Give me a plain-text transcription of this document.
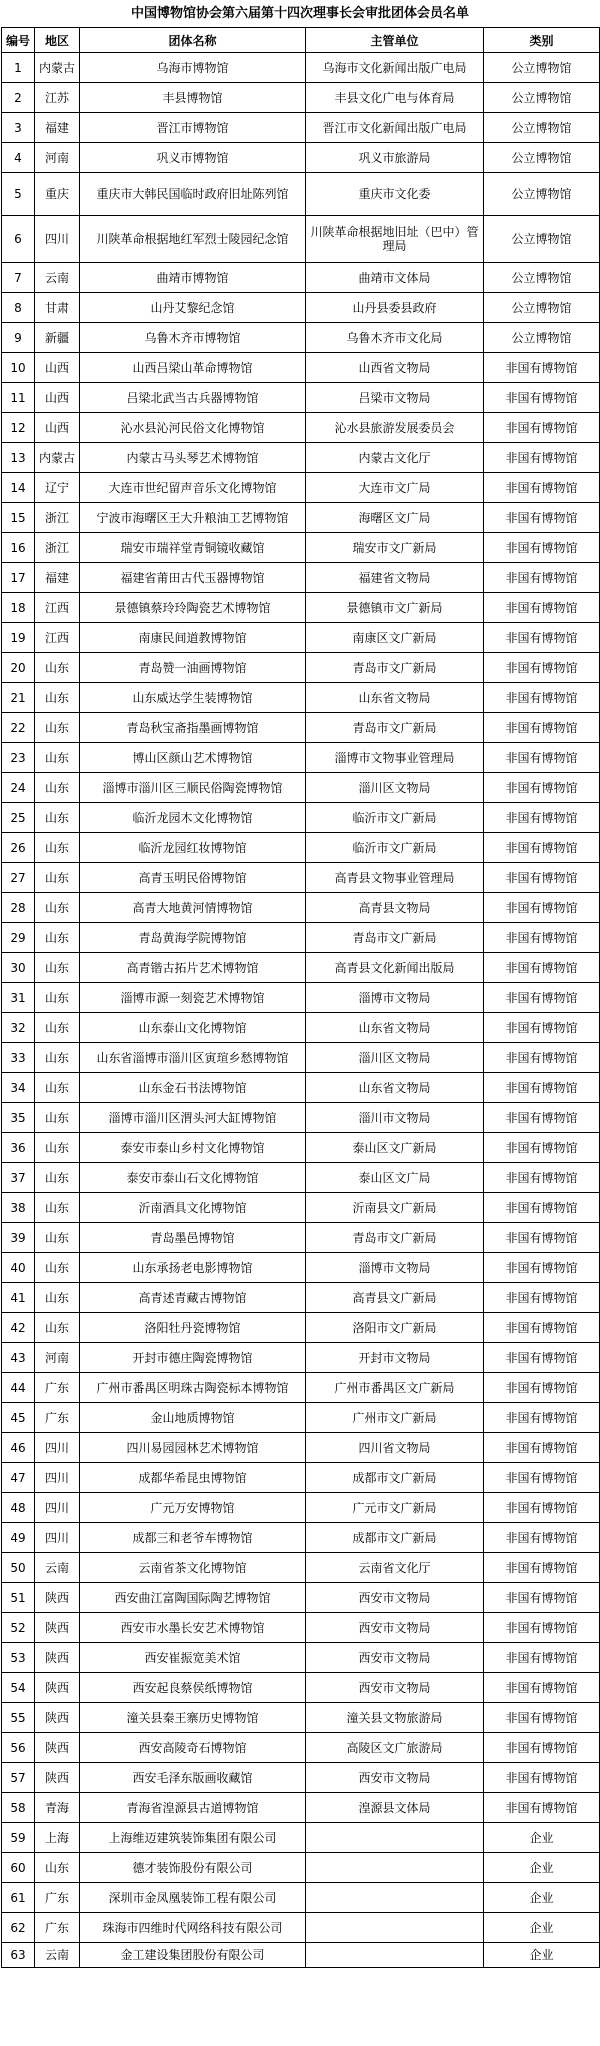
中国博物馆协会第六届第十四次理事长会审批团体会员名单
编号	地区	团体名称	主管单位	类别
1	内蒙古	乌海市博物馆	乌海市文化新闻出版广电局	公立博物馆
2	江苏	丰县博物馆	丰县文化广电与体育局	公立博物馆
3	福建	晋江市博物馆	晋江市文化新闻出版广电局	公立博物馆
4	河南	巩义市博物馆	巩义市旅游局	公立博物馆
5	重庆	重庆市大韩民国临时政府旧址陈列馆	重庆市文化委	公立博物馆
6	四川	川陕革命根据地红军烈士陵园纪念馆	川陕革命根据地旧址（巴中）管理局	公立博物馆
7	云南	曲靖市博物馆	曲靖市文体局	公立博物馆
8	甘肃	山丹艾黎纪念馆	山丹县委县政府	公立博物馆
9	新疆	乌鲁木齐市博物馆	乌鲁木齐市文化局	公立博物馆
10	山西	山西吕梁山革命博物馆	山西省文物局	非国有博物馆
11	山西	吕梁北武当古兵器博物馆	吕梁市文物局	非国有博物馆
12	山西	沁水县沁河民俗文化博物馆	沁水县旅游发展委员会	非国有博物馆
13	内蒙古	内蒙古马头琴艺术博物馆	内蒙古文化厅	非国有博物馆
14	辽宁	大连市世纪留声音乐文化博物馆	大连市文广局	非国有博物馆
15	浙江	宁波市海曙区王大升粮油工艺博物馆	海曙区文广局	非国有博物馆
16	浙江	瑞安市瑞祥堂青铜镜收藏馆	瑞安市文广新局	非国有博物馆
17	福建	福建省莆田古代玉器博物馆	福建省文物局	非国有博物馆
18	江西	景德镇蔡玲玲陶瓷艺术博物馆	景德镇市文广新局	非国有博物馆
19	江西	南康民间道教博物馆	南康区文广新局	非国有博物馆
20	山东	青岛赞一油画博物馆	青岛市文广新局	非国有博物馆
21	山东	山东威达学生装博物馆	山东省文物局	非国有博物馆
22	山东	青岛秋宝斋指墨画博物馆	青岛市文广新局	非国有博物馆
23	山东	博山区颜山艺术博物馆	淄博市文物事业管理局	非国有博物馆
24	山东	淄博市淄川区三顺民俗陶瓷博物馆	淄川区文物局	非国有博物馆
25	山东	临沂龙园木文化博物馆	临沂市文广新局	非国有博物馆
26	山东	临沂龙园红妆博物馆	临沂市文广新局	非国有博物馆
27	山东	高青玉明民俗博物馆	高青县文物事业管理局	非国有博物馆
28	山东	高青大地黄河情博物馆	高青县文物局	非国有博物馆
29	山东	青岛黄海学院博物馆	青岛市文广新局	非国有博物馆
30	山东	高青锴古拓片艺术博物馆	高青县文化新闻出版局	非国有博物馆
31	山东	淄博市源一刻瓷艺术博物馆	淄博市文物局	非国有博物馆
32	山东	山东泰山文化博物馆	山东省文物局	非国有博物馆
33	山东	山东省淄博市淄川区寅瑄乡愁博物馆	淄川区文物局	非国有博物馆
34	山东	山东金石书法博物馆	山东省文物局	非国有博物馆
35	山东	淄博市淄川区渭头河大缸博物馆	淄川市文物局	非国有博物馆
36	山东	泰安市泰山乡村文化博物馆	泰山区文广新局	非国有博物馆
37	山东	泰安市泰山石文化博物馆	泰山区文广局	非国有博物馆
38	山东	沂南酒具文化博物馆	沂南县文广新局	非国有博物馆
39	山东	青岛墨邑博物馆	青岛市文广新局	非国有博物馆
40	山东	山东承扬老电影博物馆	淄博市文物局	非国有博物馆
41	山东	高青述青藏古博物馆	高青县文广新局	非国有博物馆
42	山东	洛阳牡丹瓷博物馆	洛阳市文广新局	非国有博物馆
43	河南	开封市德庄陶瓷博物馆	开封市文物局	非国有博物馆
44	广东	广州市番禺区明珠古陶瓷标本博物馆	广州市番禺区文广新局	非国有博物馆
45	广东	金山地质博物馆	广州市文广新局	非国有博物馆
46	四川	四川易园园林艺术博物馆	四川省文物局	非国有博物馆
47	四川	成都华希昆虫博物馆	成都市文广新局	非国有博物馆
48	四川	广元万安博物馆	广元市文广新局	非国有博物馆
49	四川	成都三和老爷车博物馆	成都市文广新局	非国有博物馆
50	云南	云南省茶文化博物馆	云南省文化厅	非国有博物馆
51	陕西	西安曲江富陶国际陶艺博物馆	西安市文物局	非国有博物馆
52	陕西	西安市水墨长安艺术博物馆	西安市文物局	非国有博物馆
53	陕西	西安崔振宽美术馆	西安市文物局	非国有博物馆
54	陕西	西安起良蔡侯纸博物馆	西安市文物局	非国有博物馆
55	陕西	潼关县秦王寨历史博物馆	潼关县文物旅游局	非国有博物馆
56	陕西	西安高陵奇石博物馆	高陵区文广旅游局	非国有博物馆
57	陕西	西安毛泽东版画收藏馆	西安市文物局	非国有博物馆
58	青海	青海省湟源县古道博物馆	湟源县文体局	非国有博物馆
59	上海	上海维迈建筑装饰集团有限公司		企业
60	山东	德才装饰股份有限公司		企业
61	广东	深圳市金凤凰装饰工程有限公司		企业
62	广东	珠海市四维时代网络科技有限公司		企业
63	云南	金工建设集团股份有限公司		企业
